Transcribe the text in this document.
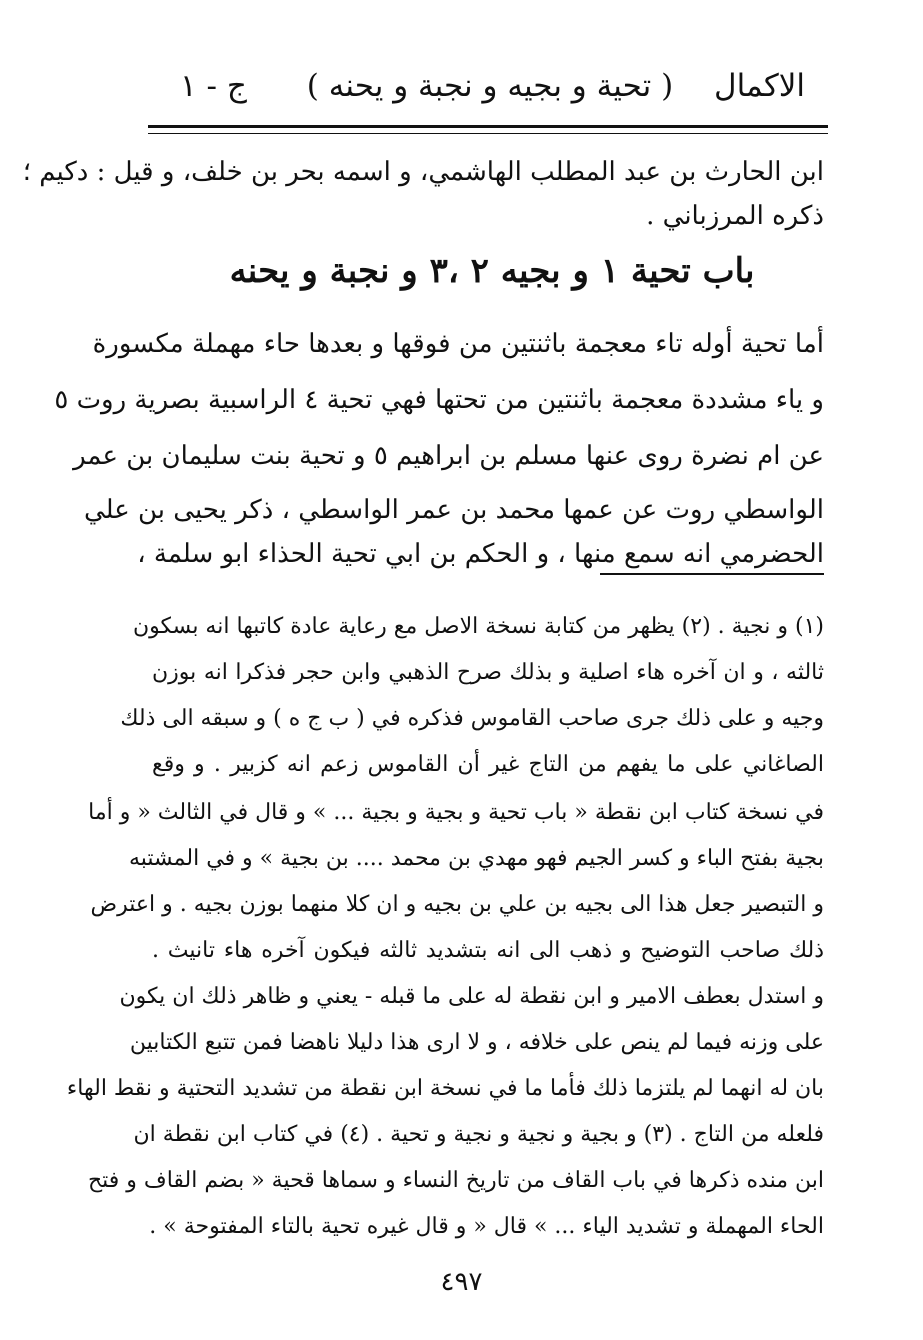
الاكمال
( تحية و بجيه و نجبة و يحنه )
ج - ١

ابن الحارث بن عبد المطلب الهاشمي، و اسمه بحر بن خلف، و قيل : دكيم ؛

ذكره المرزباني .

باب تحية ١ و بجيه ٢ ،٣ و نجبة و يحنه

أما تحية أوله تاء معجمة باثنتين من فوقها و بعدها حاء مهملة مكسورة

و ياء مشددة معجمة باثنتين من تحتها فهي تحية ٤ الراسبية بصرية روت ٥

عن ام نضرة روى عنها مسلم بن ابراهيم ٥ و تحية بنت سليمان بن عمر

الواسطي روت عن عمها محمد بن عمر الواسطي ، ذكر يحيى بن علي

الحضرمي انه سمع منها ، و الحكم بن ابي تحية الحذاء ابو سلمة ،

(١) و نجية . (٢) يظهر من كتابة نسخة الاصل مع رعاية عادة كاتبها انه بسكون

ثالثه ، و ان آخره هاء اصلية و بذلك صرح الذهبي وابن حجر فذكرا انه بوزن

وجيه و على ذلك جرى صاحب القاموس فذكره في ( ب ج ه ) و سبقه الى ذلك

الصاغاني على ما يفهم من التاج غير أن القاموس زعم انه كزبير . و وقع

في نسخة كتاب ابن نقطة « باب تحية و بجية و بجية ... » و قال في الثالث « و أما

بجية بفتح الباء و كسر الجيم فهو مهدي بن محمد .... بن بجية » و في المشتبه

و التبصير جعل هذا الى بجيه بن علي بن بجيه و ان كلا منهما بوزن بجيه . و اعترض

ذلك صاحب التوضيح و ذهب الى انه بتشديد ثالثه فيكون آخره هاء تانيث .

و استدل بعطف الامير و ابن نقطة له على ما قبله - يعني و ظاهر ذلك ان يكون

على وزنه فيما لم ينص على خلافه ، و لا ارى هذا دليلا ناهضا فمن تتبع الكتابين

بان له انهما لم يلتزما ذلك فأما ما في نسخة ابن نقطة من تشديد التحتية و نقط الهاء

فلعله من التاج . (٣) و بجية و نجية و نجية و تحية . (٤) في كتاب ابن نقطة ان

ابن منده ذكرها في باب القاف من تاريخ النساء و سماها قحية « بضم القاف و فتح

الحاء المهملة و تشديد الياء ... » قال « و قال غيره تحية بالتاء المفتوحة » .

٤٩٧
